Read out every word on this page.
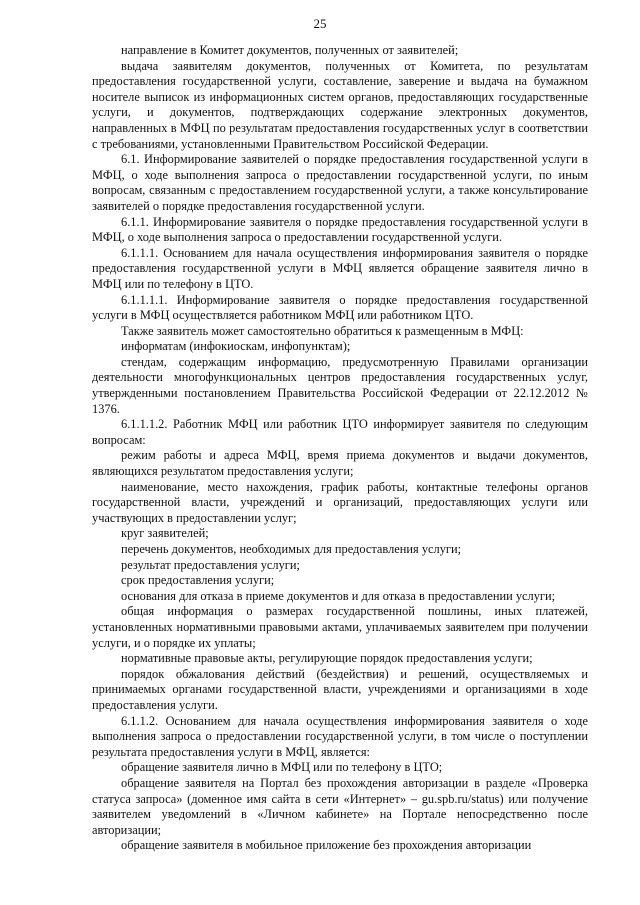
25

направление в Комитет документов, полученных от заявителей;

выдача заявителям документов, полученных от Комитета, по результатам предоставления государственной услуги, составление, заверение и выдача на бумажном носителе выписок из информационных систем органов, предоставляющих государственные услуги, и документов, подтверждающих содержание электронных документов, направленных в МФЦ по результатам предоставления государственных услуг в соответствии с требованиями, установленными Правительством Российской Федерации.

6.1. Информирование заявителей о порядке предоставления государственной услуги в МФЦ, о ходе выполнения запроса о предоставлении государственной услуги, по иным вопросам, связанным с предоставлением государственной услуги, а также консультирование заявителей о порядке предоставления государственной услуги.

6.1.1. Информирование заявителя о порядке предоставления государственной услуги в МФЦ, о ходе выполнения запроса о предоставлении государственной услуги.

6.1.1.1. Основанием для начала осуществления информирования заявителя о порядке предоставления государственной услуги в МФЦ является обращение заявителя лично в МФЦ или по телефону в ЦТО.

6.1.1.1.1. Информирование заявителя о порядке предоставления государственной услуги в МФЦ осуществляется работником МФЦ или работником ЦТО.

Также заявитель может самостоятельно обратиться к размещенным в МФЦ:

информатам (инфокиоскам, инфопунктам);

стендам, содержащим информацию, предусмотренную Правилами организации деятельности многофункциональных центров предоставления государственных услуг, утвержденными постановлением Правительства Российской Федерации от 22.12.2012 № 1376.

6.1.1.1.2. Работник МФЦ или работник ЦТО информирует заявителя по следующим вопросам:

режим работы и адреса МФЦ, время приема документов и выдачи документов, являющихся результатом предоставления услуги;

наименование, место нахождения, график работы, контактные телефоны органов государственной власти, учреждений и организаций, предоставляющих услуги или участвующих в предоставлении услуг;

круг заявителей;

перечень документов, необходимых для предоставления услуги;

результат предоставления услуги;

срок предоставления услуги;

основания для отказа в приеме документов и для отказа в предоставлении услуги;

общая информация о размерах государственной пошлины, иных платежей, установленных нормативными правовыми актами, уплачиваемых заявителем при получении услуги, и о порядке их уплаты;

нормативные правовые акты, регулирующие порядок предоставления услуги;

порядок обжалования действий (бездействия) и решений, осуществляемых и принимаемых органами государственной власти, учреждениями и организациями в ходе предоставления услуги.

6.1.1.2. Основанием для начала осуществления информирования заявителя о ходе выполнения запроса о предоставлении государственной услуги, в том числе о поступлении результата предоставления услуги в МФЦ, является:

обращение заявителя лично в МФЦ или по телефону в ЦТО;

обращение заявителя на Портал без прохождения авторизации в разделе «Проверка статуса запроса» (доменное имя сайта в сети «Интернет» – gu.spb.ru/status) или получение заявителем уведомлений в «Личном кабинете» на Портале непосредственно после авторизации;

обращение заявителя в мобильное приложение без прохождения авторизации
